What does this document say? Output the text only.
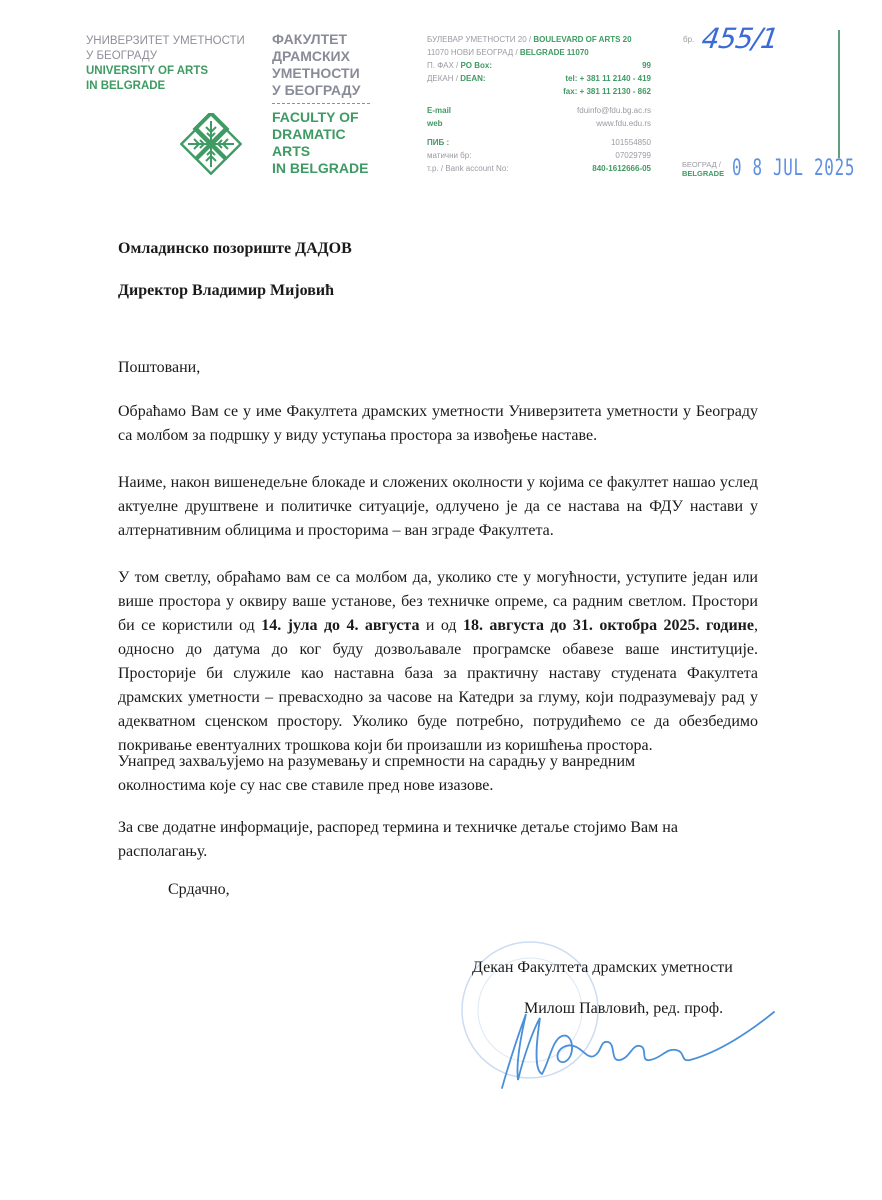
УНИВЕРЗИТЕТ УМЕТНОСТИ
У БЕОГРАДУ
UNIVERSITY OF ARTS
IN BELGRADE
ФАКУЛТЕТ
ДРАМСКИХ
УМЕТНОСТИ
У БЕОГРАДУ
FACULTY OF
DRAMATIC
ARTS
IN BELGRADE
БУЛЕВАР УМЕТНОСТИ 20 / BOULEVARD OF ARTS 20
11070 НОВИ БЕОГРАД / BELGRADE 11070
П. ФАХ / PO Box:	99
ДЕКАН / DEAN:	tel: + 381 11 2140 - 419
fax: + 381 11 2130 - 862
E-mail	fduinfo@fdu.bg.ac.rs
web	www.fdu.edu.rs
ПИБ :	101554850
матични бр:	07029799
т.р. / Bank account No:	840-1612666-05
бр. 455/1
БЕОГРАД /
BELGRADE 0 8 JUL 2025
Омладинско позориште ДАДОВ
Директор Владимир Мијовић
Поштовани,
Обраћамо Вам се у име Факултета драмских уметности Универзитета уметности у Београду са молбом за подршку у виду уступања простора за извођење наставе.
Наиме, након вишенедељне блокаде и сложених околности у којима се факултет нашао услед актуелне друштвене и политичке ситуације, одлучено је да се настава на ФДУ настави у алтернативним облицима и просторима – ван зграде Факултета.
У том светлу, обраћамо вам се са молбом да, уколико сте у могућности, уступите један или више простора у оквиру ваше установе, без техничке опреме, са радним светлом. Простори би се користили од 14. јула до 4. августа и од 18. августа до 31. октобра 2025. године, односно до датума до ког буду дозвољавале програмске обавезе ваше институције. Просторије би служиле као наставна база за практичну наставу студената Факултета драмских уметности – превасходно за часове на Катедри за глуму, који подразумевају рад у адекватном сценском простору. Уколико буде потребно, потрудићемо се да обезбедимо покривање евентуалних трошкова који би произашли из коришћења простора.
Унапред захваљујемо на разумевању и спремности на сарадњу у ванредним околностима које су нас све ставиле пред нове изазове.
За све додатне информације, распоред термина и техничке детаље стојимо Вам на располагању.
Срдачно,
Декан Факултета драмских уметности
Милош Павловић, ред. проф.
